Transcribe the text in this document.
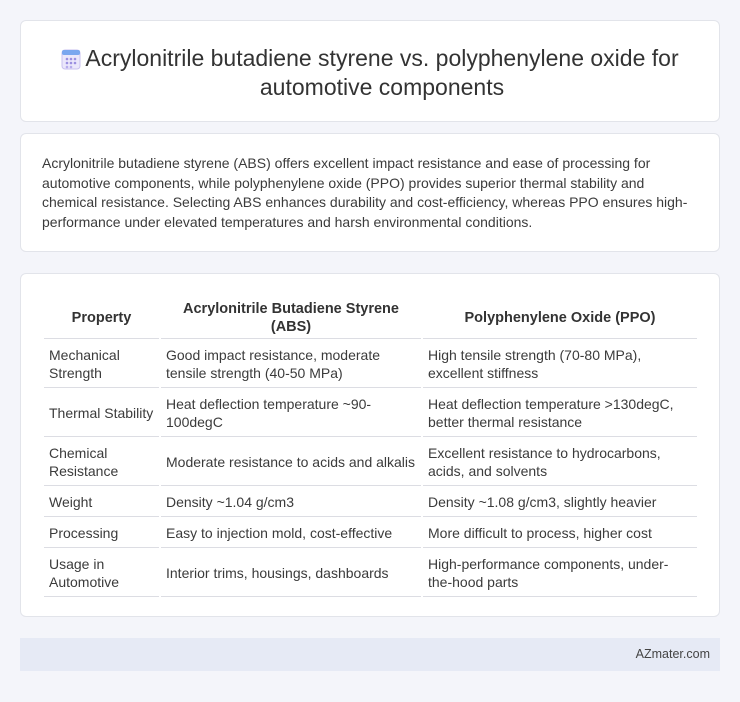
Acrylonitrile butadiene styrene vs. polyphenylene oxide for automotive components

Acrylonitrile butadiene styrene (ABS) offers excellent impact resistance and ease of processing for automotive components, while polyphenylene oxide (PPO) provides superior thermal stability and chemical resistance. Selecting ABS enhances durability and cost-efficiency, whereas PPO ensures high-performance under elevated temperatures and harsh environmental conditions.

Property	Acrylonitrile Butadiene Styrene (ABS)	Polyphenylene Oxide (PPO)
Mechanical Strength	Good impact resistance, moderate tensile strength (40-50 MPa)	High tensile strength (70-80 MPa), excellent stiffness
Thermal Stability	Heat deflection temperature ~90-100degC	Heat deflection temperature >130degC, better thermal resistance
Chemical Resistance	Moderate resistance to acids and alkalis	Excellent resistance to hydrocarbons, acids, and solvents
Weight	Density ~1.04 g/cm3	Density ~1.08 g/cm3, slightly heavier
Processing	Easy to injection mold, cost-effective	More difficult to process, higher cost
Usage in Automotive	Interior trims, housings, dashboards	High-performance components, under-the-hood parts
AZmater.com
